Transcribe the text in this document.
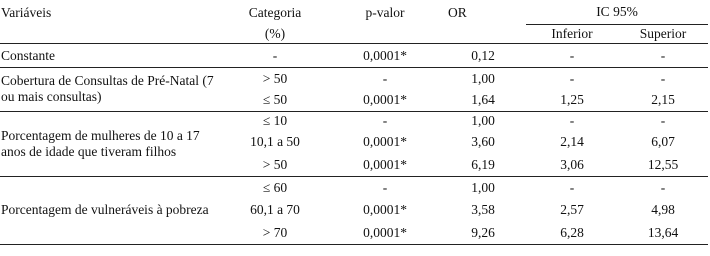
Variáveis	Categoria	p-valor	OR	IC 95%	
	(%)			Inferior	Superior
Constante	-	0,0001*	0,12	-	-
Cobertura de Consultas de Pré-Natal (7 ou mais consultas)	> 50	-	1,00	-	-
	≤ 50	0,0001*	1,64	1,25	2,15
Porcentagem de mulheres de 10 a 17 anos de idade que tiveram filhos	≤ 10	-	1,00	-	-
	10,1 a 50	0,0001*	3,60	2,14	6,07
	> 50	0,0001*	6,19	3,06	12,55
Porcentagem de vulneráveis à pobreza	≤ 60	-	1,00	-	-
	60,1 a 70	0,0001*	3,58	2,57	4,98
	> 70	0,0001*	9,26	6,28	13,64
